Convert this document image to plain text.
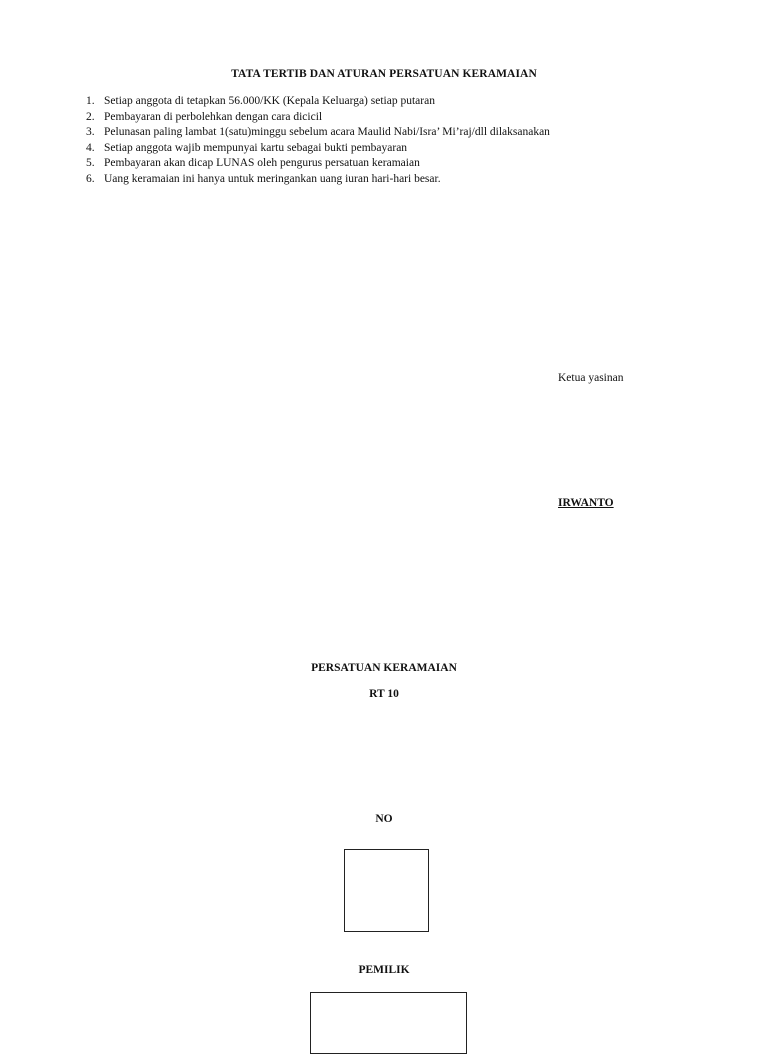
TATA TERTIB DAN ATURAN PERSATUAN KERAMAIAN
1. Setiap anggota di tetapkan 56.000/KK (Kepala Keluarga) setiap putaran
2. Pembayaran di perbolehkan dengan cara dicicil
3. Pelunasan paling lambat 1(satu)minggu sebelum acara Maulid Nabi/Isra’ Mi’raj/dll dilaksanakan
4. Setiap anggota wajib mempunyai kartu sebagai bukti pembayaran
5. Pembayaran akan dicap LUNAS oleh pengurus persatuan keramaian
6. Uang keramaian ini hanya untuk meringankan uang iuran hari-hari besar.
Ketua yasinan
IRWANTO
PERSATUAN KERAMAIAN
RT 10
NO
PEMILIK
